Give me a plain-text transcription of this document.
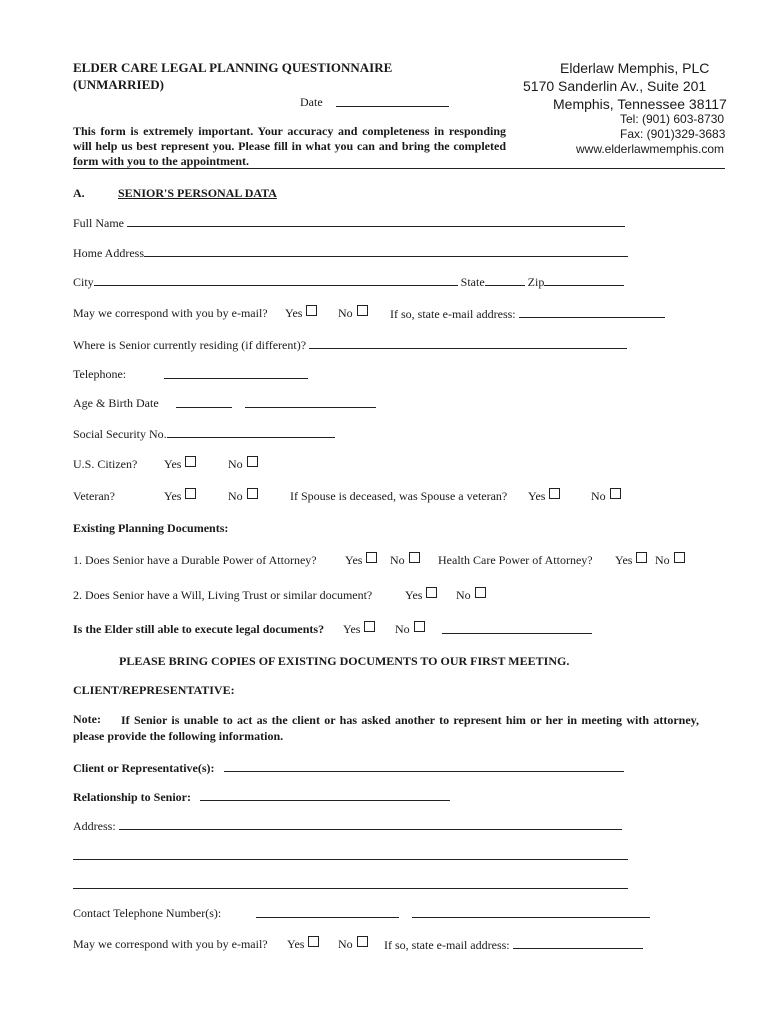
ELDER CARE LEGAL PLANNING QUESTIONNAIRE
(UNMARRIED)
Date
This form is extremely important. Your accuracy and completeness in responding will help us best represent you. Please fill in what you can and bring the completed form with you to the appointment.
Elderlaw Memphis, PLC
5170 Sanderlin Av., Suite 201
Memphis, Tennessee 38117
Tel: (901) 603-8730
Fax: (901)329-3683
www.elderlawmemphis.com
A.	SENIOR'S PERSONAL DATA
Full Name
Home Address
City	State	Zip
May we correspond with you by e-mail? Yes	No	If so, state e-mail address:
Where is Senior currently residing (if different)?
Telephone:
Age & Birth Date
Social Security No.
U.S. Citizen? Yes	No
Veteran?	Yes	No	If Spouse is deceased, was Spouse a veteran? Yes	No
Existing Planning Documents:
1. Does Senior have a Durable Power of Attorney? Yes	No	Health Care Power of Attorney? Yes	No
2. Does Senior have a Will, Living Trust or similar document?	Yes	No
Is the Elder still able to execute legal documents? Yes	No
PLEASE BRING COPIES OF EXISTING DOCUMENTS TO OUR FIRST MEETING.
CLIENT/REPRESENTATIVE:
Note:	If Senior is unable to act as the client or has asked another to represent him or her in meeting with attorney, please provide the following information.
Client or Representative(s):
Relationship to Senior:
Address:
Contact Telephone Number(s):
May we correspond with you by e-mail? Yes	No	If so, state e-mail address:
